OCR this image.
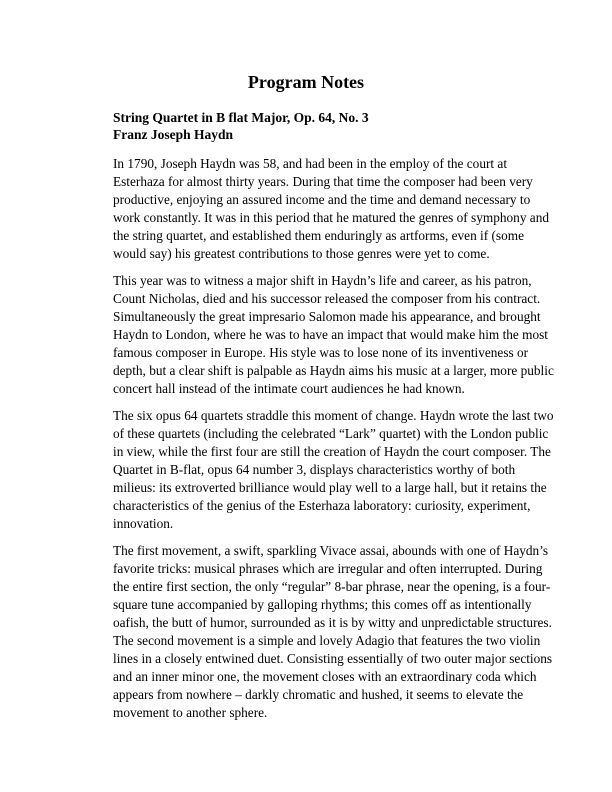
Program Notes
String Quartet in B flat Major, Op. 64, No. 3
Franz Joseph Haydn

In 1790, Joseph Haydn was 58, and had been in the employ of the court at
Esterhaza for almost thirty years. During that time the composer had been very
productive, enjoying an assured income and the time and demand necessary to
work constantly. It was in this period that he matured the genres of symphony and
the string quartet, and established them enduringly as artforms, even if (some
would say) his greatest contributions to those genres were yet to come.

This year was to witness a major shift in Haydn’s life and career, as his patron,
Count Nicholas, died and his successor released the composer from his contract.
Simultaneously the great impresario Salomon made his appearance, and brought
Haydn to London, where he was to have an impact that would make him the most
famous composer in Europe. His style was to lose none of its inventiveness or
depth, but a clear shift is palpable as Haydn aims his music at a larger, more public
concert hall instead of the intimate court audiences he had known.

The six opus 64 quartets straddle this moment of change. Haydn wrote the last two
of these quartets (including the celebrated “Lark” quartet) with the London public
in view, while the first four are still the creation of Haydn the court composer. The
Quartet in B-flat, opus 64 number 3, displays characteristics worthy of both
milieus: its extroverted brilliance would play well to a large hall, but it retains the
characteristics of the genius of the Esterhaza laboratory: curiosity, experiment,
innovation.

The first movement, a swift, sparkling Vivace assai, abounds with one of Haydn’s
favorite tricks: musical phrases which are irregular and often interrupted. During
the entire first section, the only “regular” 8-bar phrase, near the opening, is a four-
square tune accompanied by galloping rhythms; this comes off as intentionally
oafish, the butt of humor, surrounded as it is by witty and unpredictable structures.
The second movement is a simple and lovely Adagio that features the two violin
lines in a closely entwined duet. Consisting essentially of two outer major sections
and an inner minor one, the movement closes with an extraordinary coda which
appears from nowhere – darkly chromatic and hushed, it seems to elevate the
movement to another sphere.
